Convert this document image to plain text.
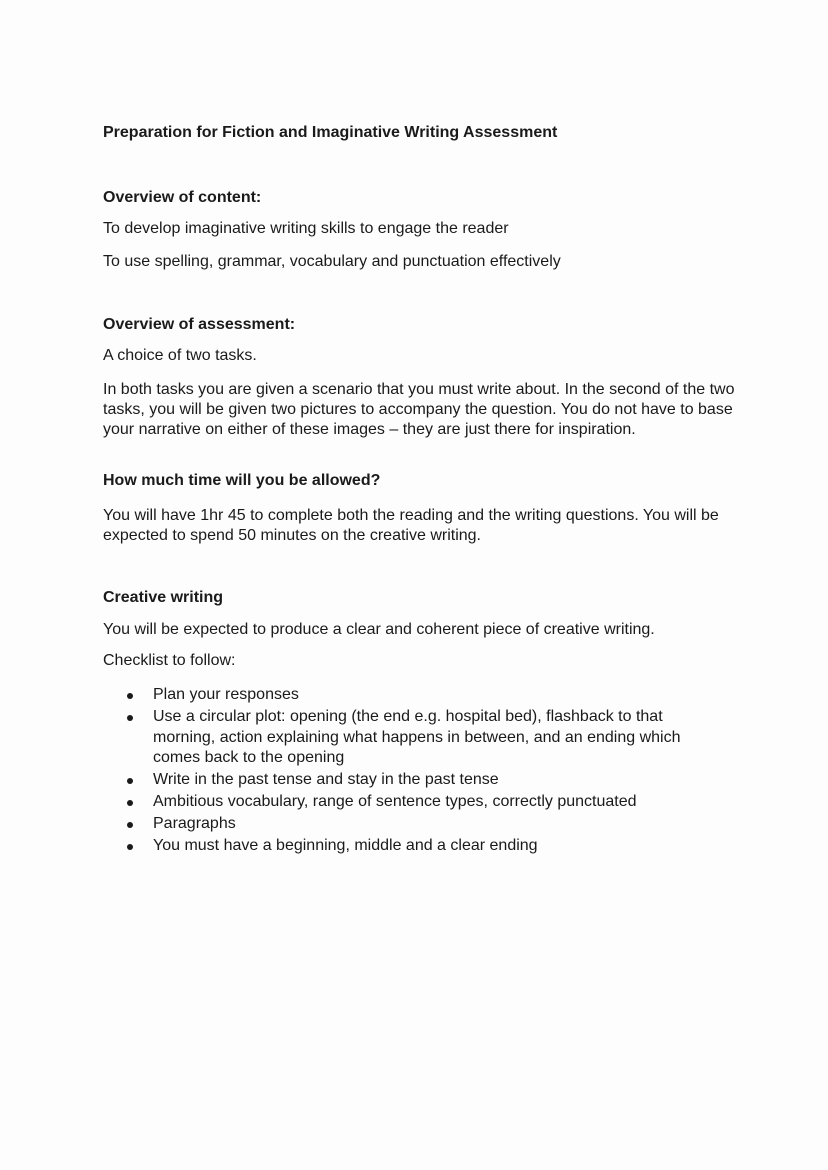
Preparation for Fiction and Imaginative Writing Assessment
Overview of content:

To develop imaginative writing skills to engage the reader

To use spelling, grammar, vocabulary and punctuation effectively

Overview of assessment:

A choice of two tasks.

In both tasks you are given a scenario that you must write about. In the second of the two tasks, you will be given two pictures to accompany the question. You do not have to base your narrative on either of these images – they are just there for inspiration.

How much time will you be allowed?

You will have 1hr 45 to complete both the reading and the writing questions. You will be expected to spend 50 minutes on the creative writing.

Creative writing

You will be expected to produce a clear and coherent piece of creative writing.

Checklist to follow:

Plan your responses
Use a circular plot: opening (the end e.g. hospital bed), flashback to that morning, action explaining what happens in between, and an ending which comes back to the opening
Write in the past tense and stay in the past tense
Ambitious vocabulary, range of sentence types, correctly punctuated
Paragraphs
You must have a beginning, middle and a clear ending
